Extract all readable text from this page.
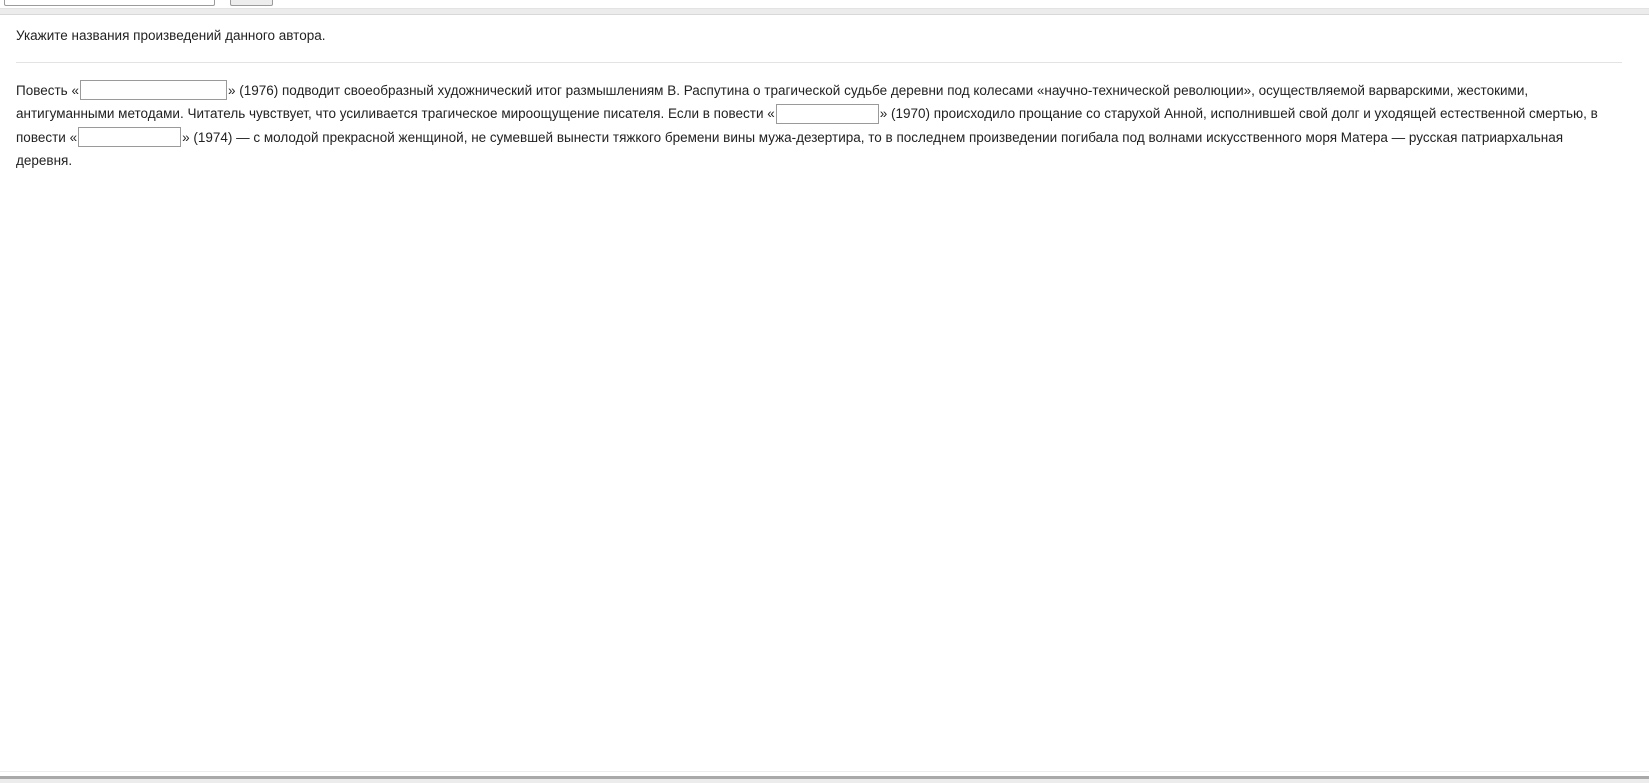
Укажите названия произведений данного автора.

Повесть «	» (1976) подводит своеобразный художнический итог размышлениям В. Распутина о трагической судьбе деревни под колесами «научно-технической революции», осуществляемой варварскими, жестокими, антигуманными методами. Читатель чувствует, что усиливается трагическое мироощущение писателя. Если в повести «	» (1970) происходило прощание со старухой Анной, исполнившей свой долг и уходящей естественной смертью, в повести «	» (1974) — с молодой прекрасной женщиной, не сумевшей вынести тяжкого бремени вины мужа-дезертира, то в последнем произведении погибала под волнами искусственного моря Матера — русская патриархальная деревня.
